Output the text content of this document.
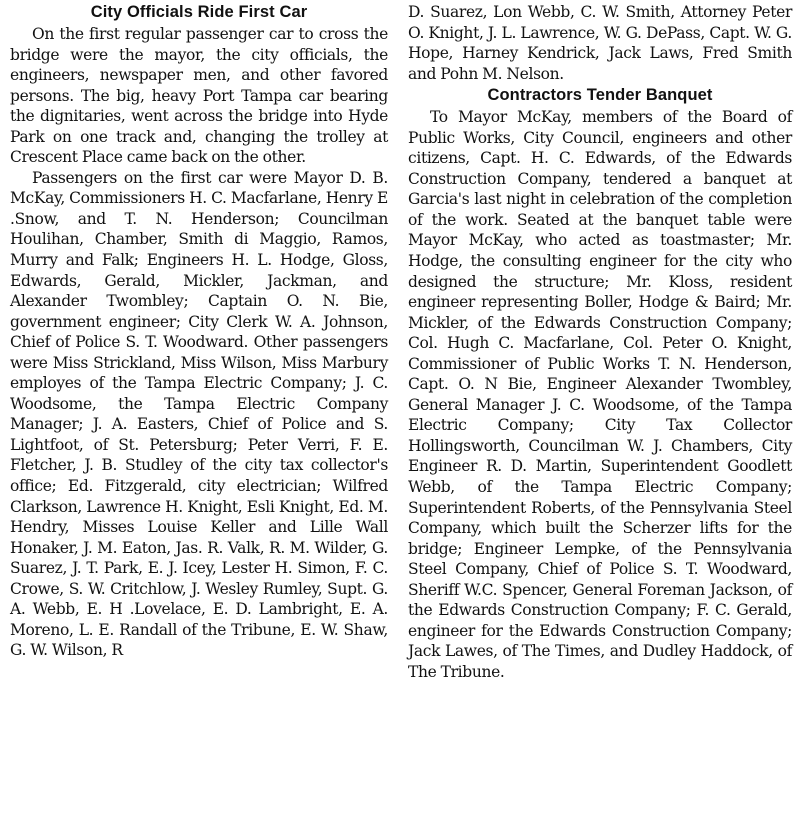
City Officials Ride First Car

On the first regular passenger car to cross the bridge were the mayor, the city officials, the engineers, newspaper men, and other favored persons. The big, heavy Port Tampa car bearing the dignitaries, went across the bridge into Hyde Park on one track and, changing the trolley at Crescent Place came back on the other.

Passengers on the first car were Mayor D. B. McKay, Commissioners H. C. Macfarlane, Henry E .Snow, and T. N. Henderson; Councilman Houlihan, Chamber, Smith di Maggio, Ramos, Murry and Falk; Engineers H. L. Hodge, Gloss, Edwards, Gerald, Mickler, Jackman, and Alexander Twombley; Captain O. N. Bie, government engineer; City Clerk W. A. Johnson, Chief of Police S. T. Woodward. Other passengers were Miss Strickland, Miss Wilson, Miss Marbury employes of the Tampa Electric Company; J. C. Woodsome, the Tampa Electric Company Manager; J. A. Easters, Chief of Police and S. Lightfoot, of St. Petersburg; Peter Verri, F. E. Fletcher, J. B. Studley of the city tax collector's office; Ed. Fitzgerald, city electrician; Wilfred Clarkson, Lawrence H. Knight, Esli Knight, Ed. M. Hendry, Misses Louise Keller and Lille Wall Honaker, J. M. Eaton, Jas. R. Valk, R. M. Wilder, G. Suarez, J. T. Park, E. J. Icey, Lester H. Simon, F. C. Crowe, S. W. Critchlow, J. Wesley Rumley, Supt. G. A. Webb, E. H .Lovelace, E. D. Lambright, E. A. Moreno, L. E. Randall of the Tribune, E. W. Shaw, G. W. Wilson, R

D. Suarez, Lon Webb, C. W. Smith, Attorney Peter O. Knight, J. L. Lawrence, W. G. DePass, Capt. W. G. Hope, Harney Kendrick, Jack Laws, Fred Smith and Pohn M. Nelson.

Contractors Tender Banquet

To Mayor McKay, members of the Board of Public Works, City Council, engineers and other citizens, Capt. H. C. Edwards, of the Edwards Construction Company, tendered a banquet at Garcia's last night in celebration of the completion of the work. Seated at the banquet table were Mayor McKay, who acted as toastmaster; Mr. Hodge, the consulting engineer for the city who designed the structure; Mr. Kloss, resident engineer representing Boller, Hodge & Baird; Mr. Mickler, of the Edwards Construction Company; Col. Hugh C. Macfarlane, Col. Peter O. Knight, Commissioner of Public Works T. N. Henderson, Capt. O. N Bie, Engineer Alexander Twombley, General Manager J. C. Woodsome, of the Tampa Electric Company; City Tax Collector Hollingsworth, Councilman W. J. Chambers, City Engineer R. D. Martin, Superintendent Goodlett Webb, of the Tampa Electric Company; Superintendent Roberts, of the Pennsylvania Steel Company, which built the Scherzer lifts for the bridge; Engineer Lempke, of the Pennsylvania Steel Company, Chief of Police S. T. Woodward, Sheriff W.C. Spencer, General Foreman Jackson, of the Edwards Construction Company; F. C. Gerald, engineer for the Edwards Construction Company; Jack Lawes, of The Times, and Dudley Haddock, of The Tribune.
